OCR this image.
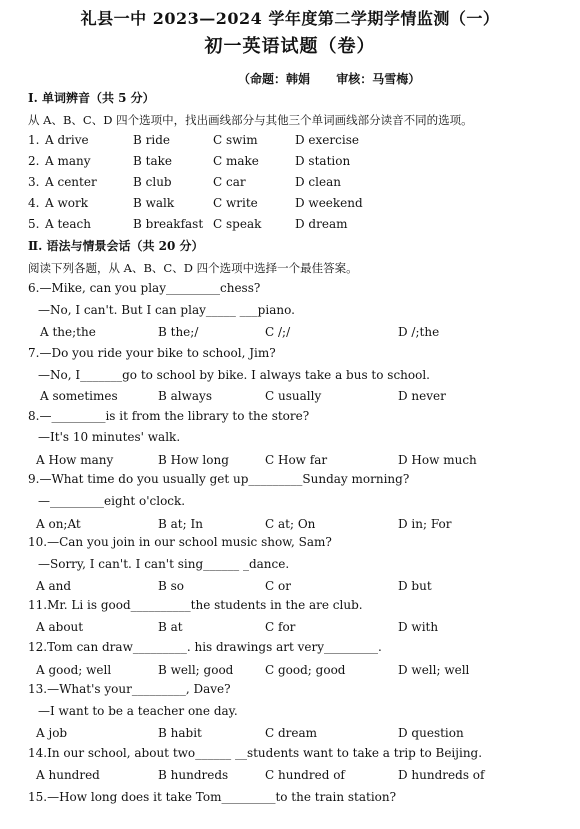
礼县一中 2023—2024 学年度第二学期学情监测（一）
初一英语试题（卷）
（命题：韩娟 审核：马雪梅）
Ⅰ. 单词辨音（共 5 分）
从 A、B、C、D 四个选项中，找出画线部分与其他三个单词画线部分读音不同的选项。
1. A drive	B ride	C swim	D exercise
2. A many	B take	C make	D station
3. A center	B club	C car	D clean
4. A work	B walk	C write	D weekend
5. A teach	B breakfast C speak	D dream
Ⅱ. 语法与情景会话（共 20 分）
阅读下列各题，从 A、B、C、D 四个选项中选择一个最佳答案。
6.—Mike, can you play_________chess?
—No, I can't. But I can play_____ ___piano.
A the;the	B the;/	C /;/	D /;the
7.—Do you ride your bike to school, Jim?
—No, I_______go to school by bike. I always take a bus to school.
A sometimes	B always	C usually	D never
8.—_________is it from the library to the store?
—It's 10 minutes' walk.
A How many	B How long	C How far	D How much
9.—What time do you usually get up_________Sunday morning?
—_________eight o'clock.
A on;At	B at; In	C at; On	D in; For
10.—Can you join in our school music show, Sam?
—Sorry, I can't. I can't sing______ _dance.
A and	B so	C or	D but
11.Mr. Li is good__________the students in the are club.
A about	B at	C for	D with
12.Tom can draw_________. his drawings art very_________.
A good; well	B well; good	C good; good	D well; well
13.—What's your_________, Dave?
—I want to be a teacher one day.
A job	B habit	C dream	D question
14.In our school, about two______ __students want to take a trip to Beijing.
A hundred	B hundreds	C hundred of	D hundreds of
15.—How long does it take Tom_________to the train station?
